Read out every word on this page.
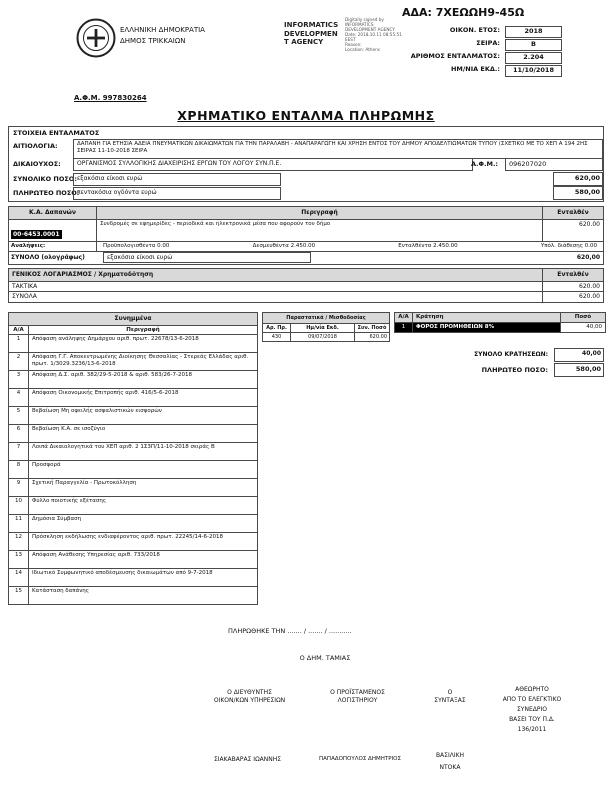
ΑΔΑ: 7ΧΕΩΩΗ9-45Ω
ΕΛΛΗΝΙΚΗ ΔΗΜΟΚΡΑΤΙΑ
ΔΗΜΟΣ ΤΡΙΚΚΑΙΩΝ
Α.Φ.Μ. 997830264
INFORMATICS
DEVELOPMEN
T AGENCY
Digitally signed by
INFORMATICS
DEVELOPMENT AGENCY
Date: 2018.10.11 08:55:51
EEST
Reason:
Location: Athens
ΟΙΚΟΝ. ΕΤΟΣ:	2018
ΣΕΙΡΑ:	Β
ΑΡΙΘΜΟΣ ΕΝΤΑΛΜΑΤΟΣ:	2.204
ΗΜ/ΝΙΑ ΕΚΔ.:	11/10/2018
ΧΡΗΜΑΤΙΚΟ ΕΝΤΑΛΜΑ ΠΛΗΡΩΜΗΣ
ΣΤΟΙΧΕΙΑ ΕΝΤΑΛΜΑΤΟΣ
ΑΙΤΙΟΛΟΓΙΑ:	ΔΑΠΑΝΗ ΓΙΑ ΕΤΗΣΙΑ ΑΔΕΙΑ ΠΝΕΥΜΑΤΙΚΩΝ ΔΙΚΑΙΩΜΑΤΩΝ ΓΙΑ ΤΗΝ ΠΑΡΑΛΑΒΗ - ΑΝΑΠΑΡΑΓΩΓΗ ΚΑΙ ΧΡΗΣΗ ΕΝΤΟΣ ΤΟΥ ΔΗΜΟΥ ΑΠΟΔΕΛΤΙΩΜΑΤΩΝ ΤΥΠΟΥ (ΣΧΕΤΙΚΟ ΜΕ ΤΟ ΧΕΠ Α 194 2ΗΣ ΣΕΙΡΑΣ 11-10-2018 ΣΕΙΡΑ
ΔΙΚΑΙΟΥΧΟΣ:	ΟΡΓΑΝΙΣΜΟΣ ΣΥΛΛΟΓΙΚΗΣ ΔΙΑΧΕΙΡΙΣΗΣ ΕΡΓΩΝ ΤΟΥ ΛΟΓΟΥ ΣΥΝ.Π.Ε.	Α.Φ.Μ.:	096207020
ΣΥΝΟΛΙΚΟ ΠΟΣΟ: εξακόσια είκοσι ευρώ	620,00
ΠΛΗΡΩΤΕΟ ΠΟΣΟ:
πεντακόσια ογδόντα ευρώ	580,00
Κ.Α. Δαπανών	Περιγραφή	Ενταλθέν
00-6453.0001
Συνδρομές σε εφημερίδες - περιοδικά και ηλεκτρονικά μέσα που αφορούν τον δήμο	620.00
Αναλήψεις:	Προϋπολογισθέντα 0.00	Δεσμευθέντα 2.450.00	Ενταλθέντα 2.450.00	Υπόλ. διάθεσης 0.00
ΣΥΝΟΛΟ (ολογράφως)	εξακόσια είκοσι ευρώ	620,00
ΓΕΝΙΚΟΣ ΛΟΓΑΡΙΑΣΜΟΣ / Χρηματοδότηση	Ενταλθέν
ΤΑΚΤΙΚΑ	620.00
ΣΥΝΟΛΑ	620.00
Συνημμένα
Α/Α	Περιγραφή
1	Απόφαση ανάληψης Δημάρχου αριθ. πρωτ. 22678/13-6-2018
2	Απόφαση Γ.Γ. Αποκεντρωμένης Διοίκησης Θεσσαλίας - Στερεάς Ελλάδας αριθ. πρωτ. 1/3029.3236/13-6-2018
3	Απόφαση Δ.Σ. αριθ. 382/29-5-2018 & αριθ. 583/26-7-2018
4	Απόφαση Οικονομικής Επιτροπής αριθ. 416/5-6-2018
5	Βεβαίωση Μη οφειλής ασφαλιστικών εισφορών
6	Βεβαίωση Κ.Α. σε ισοζύγιο
7	Λοιπά Δικαιολογητικά του ΧΕΠ αριθ. 2 1Σ3Π/11-10-2018 σειράς Β
8	Προσφορά
9	Σχετική Παραγγελία - Πρωτοκόλληση
10	Φύλλο ποιοτικής εξέτασης
11	Δημόσια Σύμβαση
12	Πρόσκληση εκδήλωσης ενδιαφέροντος αριθ. πρωτ. 22245/14-6-2018
13	Απόφαση Ανάθεσης Υπηρεσίας αριθ. 733/2018
14	Ιδιωτικό Συμφωνητικό αποδέσμευσης δικαιωμάτων από 9-7-2018
15	Κατάσταση δαπάνης
Παραστατικά / Μισθοδοσίας
Αρ. Πρ.	Ημ/νία Εκδ.	Συν. Ποσό
430	09/07/2018	620.00
Α/Α	Κράτηση	Ποσό
1	ΦΟΡΟΣ ΠΡΟΜΗΘΕΙΩΝ 8%	40,00
ΣΥΝΟΛΟ ΚΡΑΤΗΣΕΩΝ:	40,00
ΠΛΗΡΩΤΕΟ ΠΟΣΟ:	580,00
ΠΛΗΡΩΘΗΚΕ ΤΗΝ ....... / ....... / ...........
Ο ΔΗΜ. ΤΑΜΙΑΣ
Ο ΔΙΕΥΘΥΝΤΗΣ
ΟΙΚΟΝ/ΚΩΝ ΥΠΗΡΕΣΙΩΝ
Ο ΠΡΟΪΣΤΑΜΕΝΟΣ
ΛΟΓΙΣΤΗΡΙΟΥ
Ο
ΣΥΝΤΑΞΑΣ
ΑΘΕΩΡΗΤΟ
ΑΠΟ ΤΟ ΕΛΕΓΚΤΙΚΟ
ΣΥΝΕΔΡΙΟ
ΒΑΣΕΙ ΤΟΥ Π.Δ.
136/2011
ΣΙΑΚΑΒΑΡΑΣ ΙΩΑΝΝΗΣ	ΠΑΠΑΔΟΠΟΥΛΟΣ ΔΗΜΗΤΡΙΟΣ	ΒΑΣΙΛΙΚΗ
ΝΤΟΚΑ
